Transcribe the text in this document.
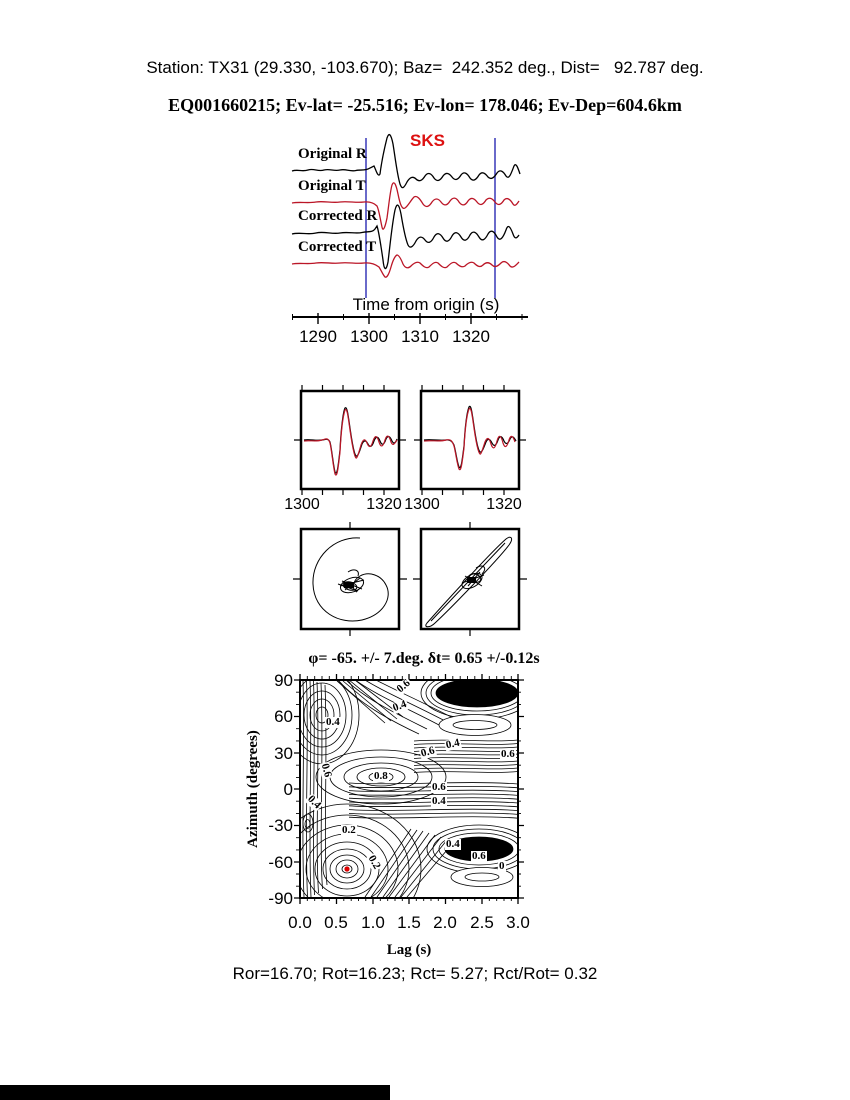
Station: TX31 (29.330, -103.670); Baz=  242.352 deg., Dist=   92.787 deg.
EQ001660215; Ev-lat= -25.516; Ev-lon= 178.046; Ev-Dep=604.6km
Original R
Original T
Corrected R
Corrected T
SKS
Time from origin (s)
1290 1300 1310 1320
1300	1320 1300	1320
φ= -65. +/- 7.deg. δt= 0.65 +/-0.12s
0.6
0.4
0.4
0.6
0.4
0.6
0.8
0.6
0.4
0.2
0.2
0.4
0.6
0
0.6
0.4
90
60
30
0
-30
-60
-90
0.0 0.5 1.0 1.5 2.0 2.5 3.0
Azimuth (degrees)
Lag (s)
Ror=16.70; Rot=16.23; Rct= 5.27; Rct/Rot= 0.32
